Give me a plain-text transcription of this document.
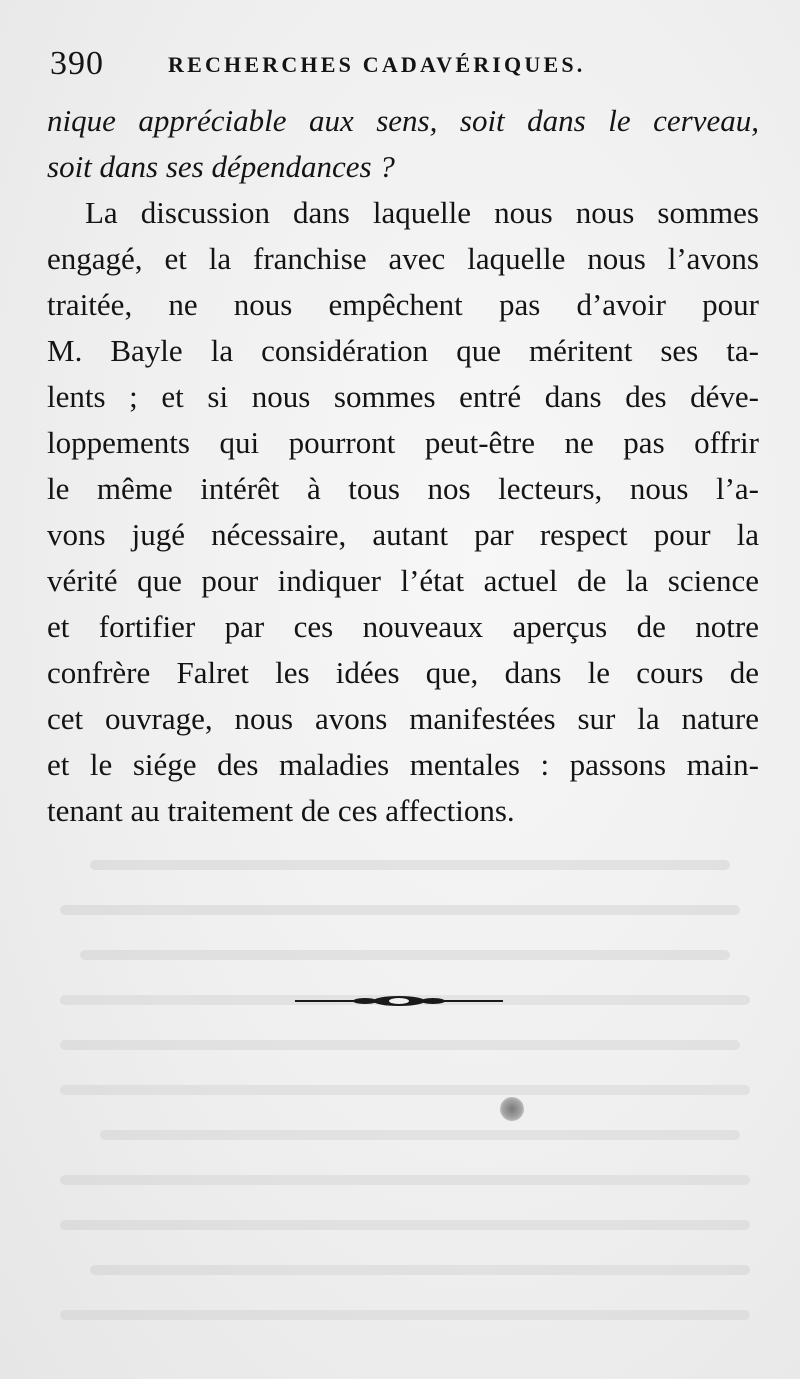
390	RECHERCHES CADAVÉRIQUES.
nique appréciable aux sens, soit dans le cerveau,
soit dans ses dépendances ?
La discussion dans laquelle nous nous sommes
engagé, et la franchise avec laquelle nous l’avons
traitée, ne nous empêchent pas d’avoir pour
M. Bayle la considération que méritent ses ta-
lents ; et si nous sommes entré dans des déve-
loppements qui pourront peut-être ne pas offrir
le même intérêt à tous nos lecteurs, nous l’a-
vons jugé nécessaire, autant par respect pour la
vérité que pour indiquer l’état actuel de la science
et fortifier par ces nouveaux aperçus de notre
confrère Falret les idées que, dans le cours de
cet ouvrage, nous avons manifestées sur la nature
et le siége des maladies mentales : passons main-
tenant au traitement de ces affections.
